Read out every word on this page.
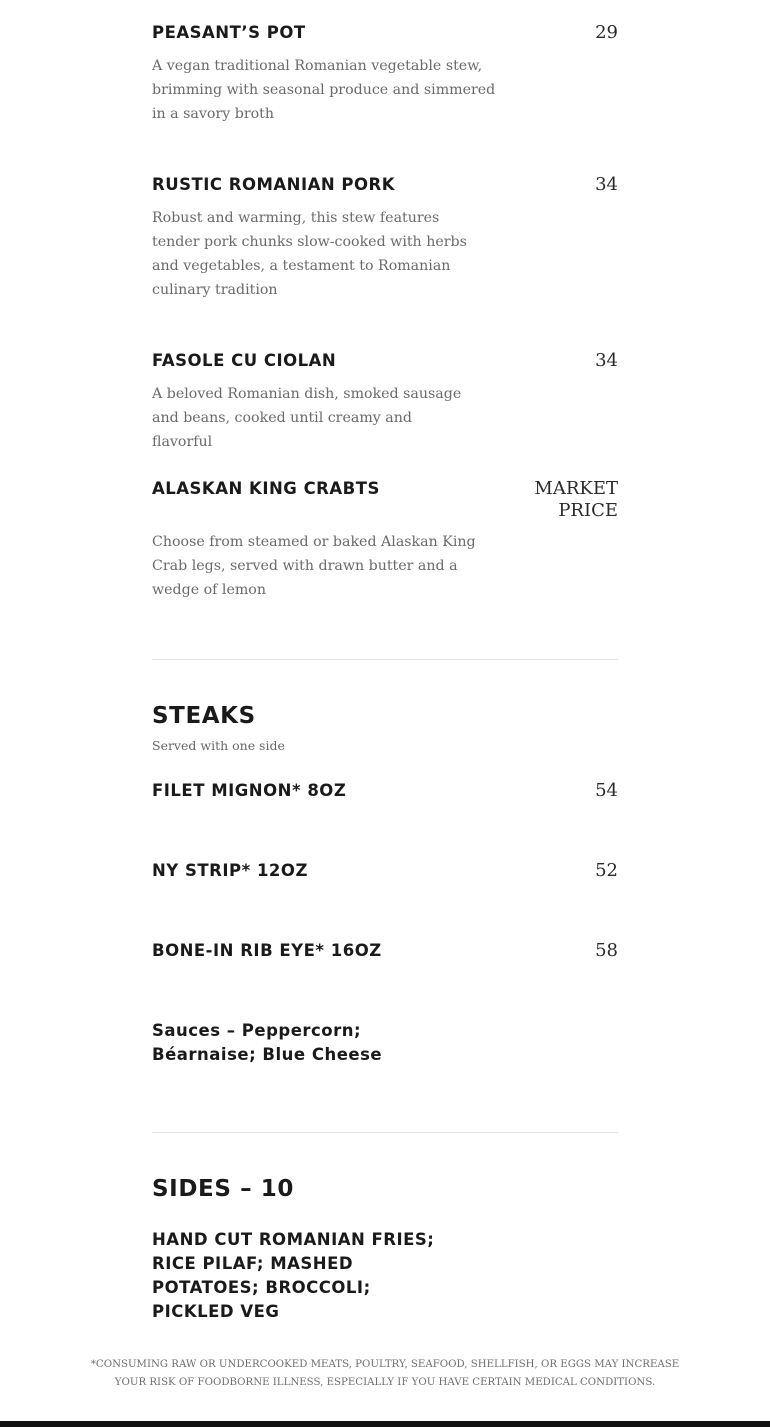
PEASANT’S POT	29
A vegan traditional Romanian vegetable stew, brimming with seasonal produce and simmered in a savory broth
RUSTIC ROMANIAN PORK	34
Robust and warming, this stew features tender pork chunks slow-cooked with herbs and vegetables, a testament to Romanian culinary tradition
FASOLE CU CIOLAN	34
A beloved Romanian dish, smoked sausage and beans, cooked until creamy and flavorful
ALASKAN KING CRABTS	MARKET
PRICE
Choose from steamed or baked Alaskan King Crab legs, served with drawn butter and a wedge of lemon
STEAKS
Served with one side
FILET MIGNON* 8OZ	54
NY STRIP* 12OZ	52
BONE-IN RIB EYE* 16OZ	58
Sauces – Peppercorn; Béarnaise; Blue Cheese
SIDES – 10
HAND CUT ROMANIAN FRIES; RICE PILAF; MASHED POTATOES; BROCCOLI; PICKLED VEG
*CONSUMING RAW OR UNDERCOOKED MEATS, POULTRY, SEAFOOD, SHELLFISH, OR EGGS MAY INCREASE YOUR RISK OF FOODBORNE ILLNESS, ESPECIALLY IF YOU HAVE CERTAIN MEDICAL CONDITIONS.
